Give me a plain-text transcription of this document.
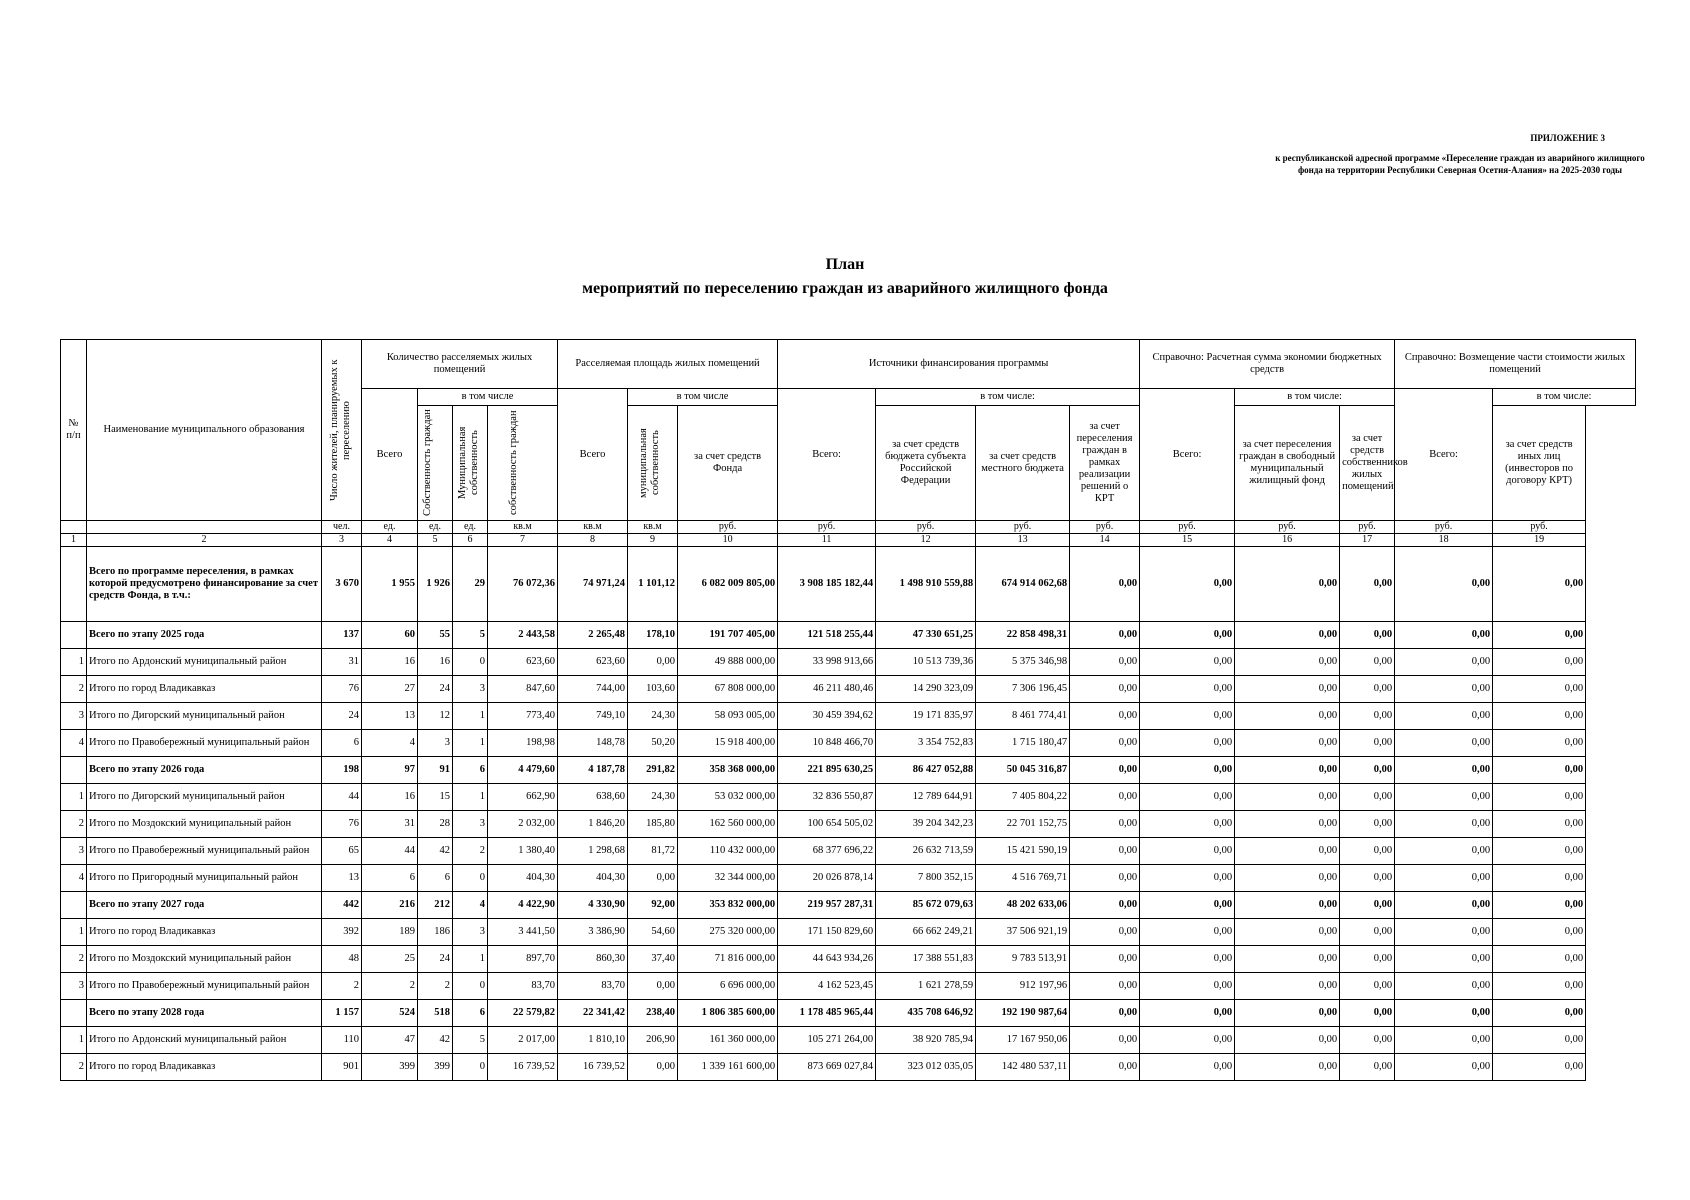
ПРИЛОЖЕНИЕ 3
к республиканской адресной программе «Переселение граждан из аварийного жилищного фонда на территории Республики Северная Осетия-Алания» на 2025-2030 годы
План
мероприятий по переселению граждан из аварийного жилищного фонда
№ п/п	Наименование муниципального образования	Число жителей, планируемых к переселению	Количество расселяемых жилых помещений				Расселяемая площадь жилых помещений			Источники финансирования программы				Справочно: Расчетная сумма экономии бюджетных средств			Справочно: Возмещение части стоимости жилых помещений	
			Всего	в том числе			Всего	в том числе		Всего:	в том числе:			Всего:	в том числе:		Всего:	в том числе:

				Собственность граждан	Муниципальная собственность	собственность граждан		муниципальная собственность	за счет средств Фонда		за счет средств бюджета субъекта Российской Федерации	за счет средств местного бюджета	за счет переселения граждан в рамках реализации решений о КРТ		за счет переселения граждан в свободный муниципальный жилищный фонд	за счет средств собственников жилых помещений		за счет средств иных лиц (инвесторов по договору КРТ)
		чел.	ед.	ед.	ед.	кв.м	кв.м	кв.м	руб.	руб.	руб.	руб.	руб.	руб.	руб.	руб.	руб.	руб.
1	2	3	4	5	6	7	8	9	10	11	12	13	14	15	16	17	18	19
	Всего по программе переселения, в рамках которой предусмотрено финансирование за счет средств Фонда, в т.ч.:	3 670	1 955	1 926	29	76 072,36	74 971,24	1 101,12	6 082 009 805,00	3 908 185 182,44	1 498 910 559,88	674 914 062,68	0,00	0,00	0,00	0,00	0,00	0,00
	Всего по этапу 2025 года	137	60	55	5	2 443,58	2 265,48	178,10	191 707 405,00	121 518 255,44	47 330 651,25	22 858 498,31	0,00	0,00	0,00	0,00	0,00	0,00
1	Итого по Ардонский муниципальный район	31	16	16	0	623,60	623,60	0,00	49 888 000,00	33 998 913,66	10 513 739,36	5 375 346,98	0,00	0,00	0,00	0,00	0,00	0,00
2	Итого по город Владикавказ	76	27	24	3	847,60	744,00	103,60	67 808 000,00	46 211 480,46	14 290 323,09	7 306 196,45	0,00	0,00	0,00	0,00	0,00	0,00
3	Итого по Дигорский муниципальный район	24	13	12	1	773,40	749,10	24,30	58 093 005,00	30 459 394,62	19 171 835,97	8 461 774,41	0,00	0,00	0,00	0,00	0,00	0,00
4	Итого по Правобережный муниципальный район	6	4	3	1	198,98	148,78	50,20	15 918 400,00	10 848 466,70	3 354 752,83	1 715 180,47	0,00	0,00	0,00	0,00	0,00	0,00
	Всего по этапу 2026 года	198	97	91	6	4 479,60	4 187,78	291,82	358 368 000,00	221 895 630,25	86 427 052,88	50 045 316,87	0,00	0,00	0,00	0,00	0,00	0,00
1	Итого по Дигорский муниципальный район	44	16	15	1	662,90	638,60	24,30	53 032 000,00	32 836 550,87	12 789 644,91	7 405 804,22	0,00	0,00	0,00	0,00	0,00	0,00
2	Итого по Моздокский муниципальный район	76	31	28	3	2 032,00	1 846,20	185,80	162 560 000,00	100 654 505,02	39 204 342,23	22 701 152,75	0,00	0,00	0,00	0,00	0,00	0,00
3	Итого по Правобережный муниципальный район	65	44	42	2	1 380,40	1 298,68	81,72	110 432 000,00	68 377 696,22	26 632 713,59	15 421 590,19	0,00	0,00	0,00	0,00	0,00	0,00
4	Итого по Пригородный муниципальный район	13	6	6	0	404,30	404,30	0,00	32 344 000,00	20 026 878,14	7 800 352,15	4 516 769,71	0,00	0,00	0,00	0,00	0,00	0,00
	Всего по этапу 2027 года	442	216	212	4	4 422,90	4 330,90	92,00	353 832 000,00	219 957 287,31	85 672 079,63	48 202 633,06	0,00	0,00	0,00	0,00	0,00	0,00
1	Итого по город Владикавказ	392	189	186	3	3 441,50	3 386,90	54,60	275 320 000,00	171 150 829,60	66 662 249,21	37 506 921,19	0,00	0,00	0,00	0,00	0,00	0,00
2	Итого по Моздокский муниципальный район	48	25	24	1	897,70	860,30	37,40	71 816 000,00	44 643 934,26	17 388 551,83	9 783 513,91	0,00	0,00	0,00	0,00	0,00	0,00
3	Итого по Правобережный муниципальный район	2	2	2	0	83,70	83,70	0,00	6 696 000,00	4 162 523,45	1 621 278,59	912 197,96	0,00	0,00	0,00	0,00	0,00	0,00
	Всего по этапу 2028 года	1 157	524	518	6	22 579,82	22 341,42	238,40	1 806 385 600,00	1 178 485 965,44	435 708 646,92	192 190 987,64	0,00	0,00	0,00	0,00	0,00	0,00
1	Итого по Ардонский муниципальный район	110	47	42	5	2 017,00	1 810,10	206,90	161 360 000,00	105 271 264,00	38 920 785,94	17 167 950,06	0,00	0,00	0,00	0,00	0,00	0,00
2	Итого по город Владикавказ	901	399	399	0	16 739,52	16 739,52	0,00	1 339 161 600,00	873 669 027,84	323 012 035,05	142 480 537,11	0,00	0,00	0,00	0,00	0,00	0,00
